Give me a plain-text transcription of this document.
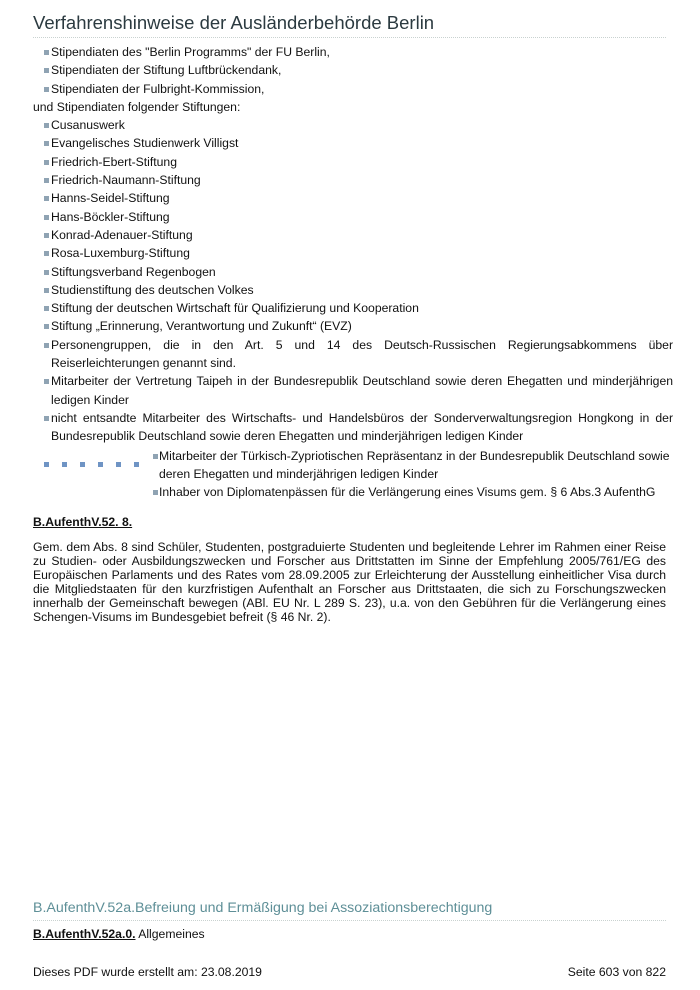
Verfahrenshinweise der Ausländerbehörde Berlin
Stipendiaten des "Berlin Programms" der FU Berlin,
Stipendiaten der Stiftung Luftbrückendank,
Stipendiaten der Fulbright-Kommission,
und Stipendiaten folgender Stiftungen:
Cusanuswerk
Evangelisches Studienwerk Villigst
Friedrich-Ebert-Stiftung
Friedrich-Naumann-Stiftung
Hanns-Seidel-Stiftung
Hans-Böckler-Stiftung
Konrad-Adenauer-Stiftung
Rosa-Luxemburg-Stiftung
Stiftungsverband Regenbogen
Studienstiftung des deutschen Volkes
Stiftung der deutschen Wirtschaft für Qualifizierung und Kooperation
Stiftung „Erinnerung, Verantwortung und Zukunft“ (EVZ)
Personengruppen, die in den Art. 5 und 14 des Deutsch-Russischen Regierungsabkommens über Reiserleichterungen genannt sind.
Mitarbeiter der Vertretung Taipeh in der Bundesrepublik Deutschland sowie deren Ehegatten und minderjährigen ledigen Kinder
nicht entsandte Mitarbeiter des Wirtschafts- und Handelsbüros der Sonderverwaltungsregion Hongkong in der Bundesrepublik Deutschland sowie deren Ehegatten und minderjährigen ledigen Kinder
Mitarbeiter der Türkisch-Zypriotischen Repräsentanz in der Bundesrepublik Deutschland sowie deren Ehegatten und minderjährigen ledigen Kinder
Inhaber von Diplomatenpässen für die Verlängerung eines Visums gem. § 6 Abs.3 AufenthG
B.AufenthV.52. 8.
Gem. dem Abs. 8 sind Schüler, Studenten, postgraduierte Studenten und begleitende Lehrer im Rahmen einer Reise zu Studien- oder Ausbildungszwecken und Forscher aus Drittstatten im Sinne der Empfehlung 2005/761/EG des Europäischen Parlaments und des Rates vom 28.09.2005 zur Erleichterung der Ausstellung einheitlicher Visa durch die Mitgliedstaaten für den kurzfristigen Aufenthalt an Forscher aus Drittstaaten, die sich zu Forschungszwecken innerhalb der Gemeinschaft bewegen (ABl. EU Nr. L 289 S. 23), u.a. von den Gebühren für die Verlängerung eines Schengen-Visums im Bundesgebiet befreit (§ 46 Nr. 2).
B.AufenthV.52a.Befreiung und Ermäßigung bei Assoziationsberechtigung
B.AufenthV.52a.0. Allgemeines
Dieses PDF wurde erstellt am: 23.08.2019	Seite 603 von 822
